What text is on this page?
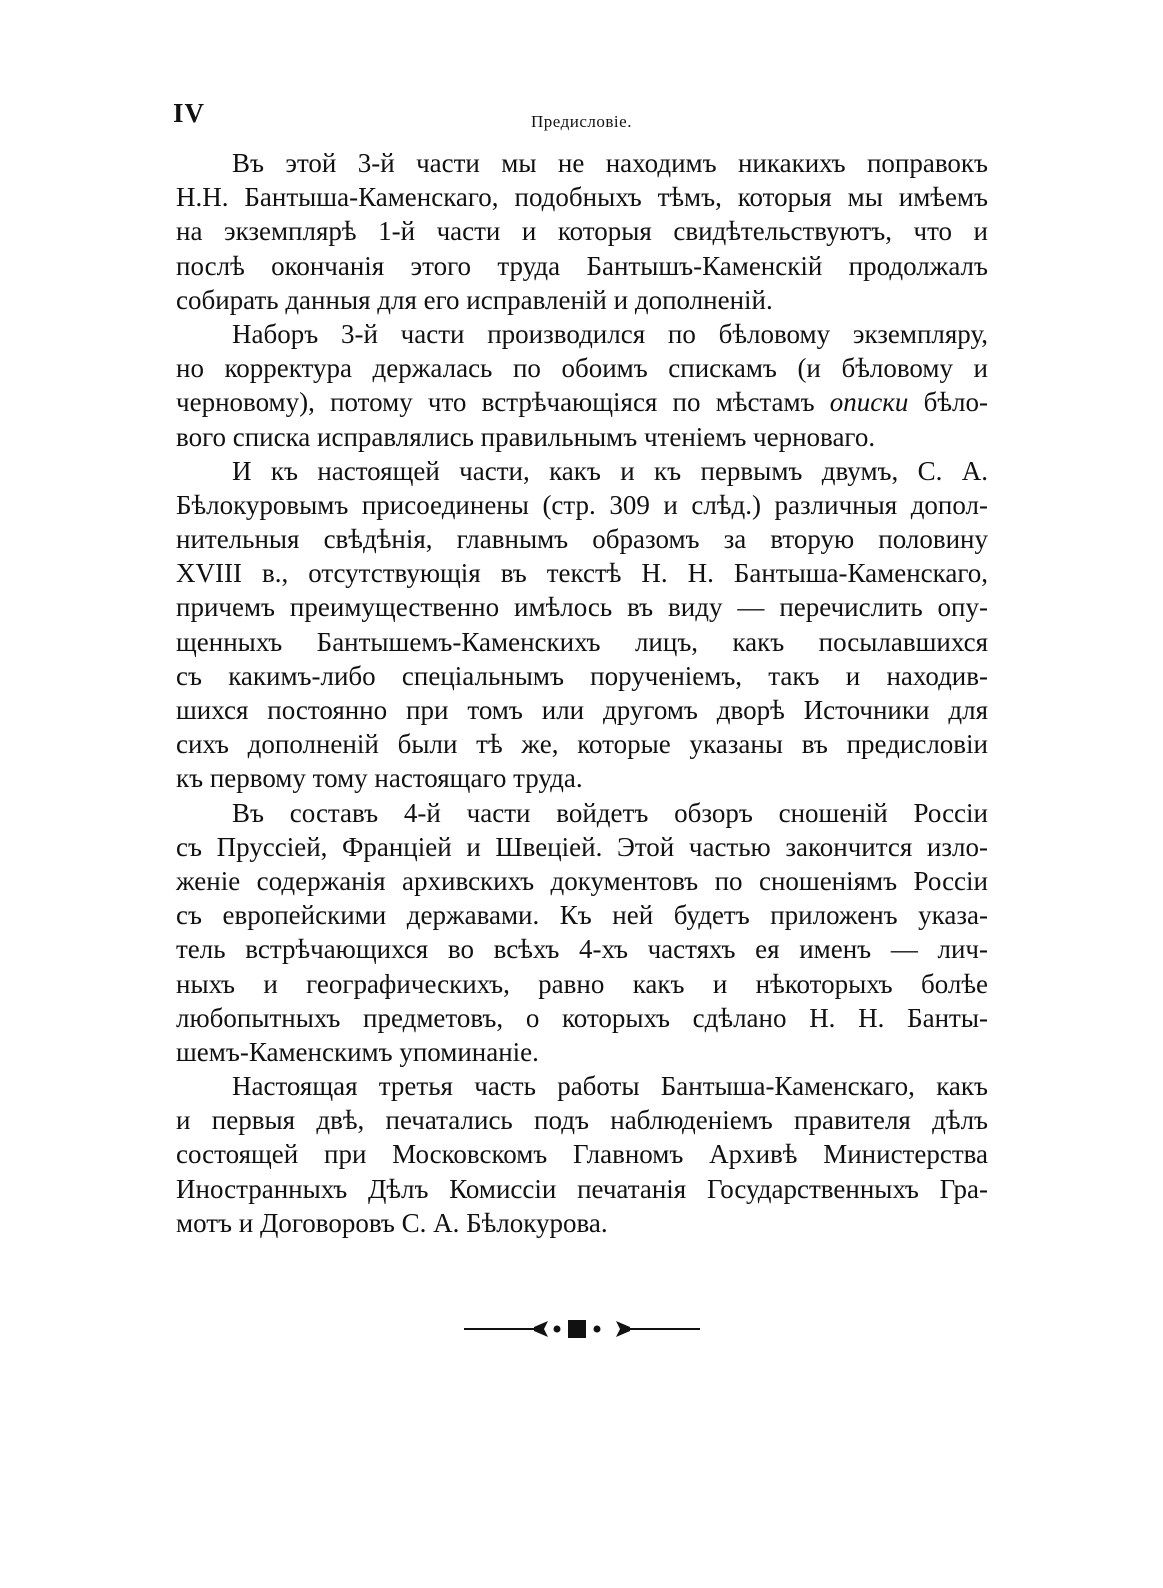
IV	Предисловіе.
Въ этой 3-й части мы не находимъ никакихъ поправокъ
Н.Н. Бантыша-Каменскаго, подобныхъ тѣмъ, которыя мы имѣемъ
на экземплярѣ 1-й части и которыя свидѣтельствуютъ, что и
послѣ окончанія этого труда Бантышъ-Каменскій продолжалъ
собирать данныя для его исправленій и дополненій.
Наборъ 3-й части производился по бѣловому экземпляру,
но корректура держалась по обоимъ спискамъ (и бѣловому и
черновому), потому что встрѣчающіяся по мѣстамъ описки бѣло-
вого списка исправлялись правильнымъ чтеніемъ черноваго.
И къ настоящей части, какъ и къ первымъ двумъ, С. А.
Бѣлокуровымъ присоединены (стр. 309 и слѣд.) различныя допол-
нительныя свѣдѣнія, главнымъ образомъ за вторую половину
XVIII в., отсутствующія въ текстѣ Н. Н. Бантыша-Каменскаго,
причемъ преимущественно имѣлось въ виду — перечислить опу-
щенныхъ Бантышемъ-Каменскихъ лицъ, какъ посылавшихся
съ какимъ-либо спеціальнымъ порученіемъ, такъ и находив-
шихся постоянно при томъ или другомъ дворѣ Источники для
сихъ дополненій были тѣ же, которые указаны въ предисловіи
къ первому тому настоящаго труда.
Въ составъ 4-й части войдетъ обзоръ сношеній Россіи
съ Пруссіей, Франціей и Швеціей. Этой частью закончится изло-
женіе содержанія архивскихъ документовъ по сношеніямъ Россіи
съ европейскими державами. Къ ней будетъ приложенъ указа-
тель встрѣчающихся во всѣхъ 4-хъ частяхъ ея именъ — лич-
ныхъ и географическихъ, равно какъ и нѣкоторыхъ болѣе
любопытныхъ предметовъ, о которыхъ сдѣлано Н. Н. Банты-
шемъ-Каменскимъ упоминаніе.
Настоящая третья часть работы Бантыша-Каменскаго, какъ
и первыя двѣ, печатались подъ наблюденіемъ правителя дѣлъ
состоящей при Московскомъ Главномъ Архивѣ Министерства
Иностранныхъ Дѣлъ Комиссіи печатанія Государственныхъ Гра-
мотъ и Договоровъ С. А. Бѣлокурова.
